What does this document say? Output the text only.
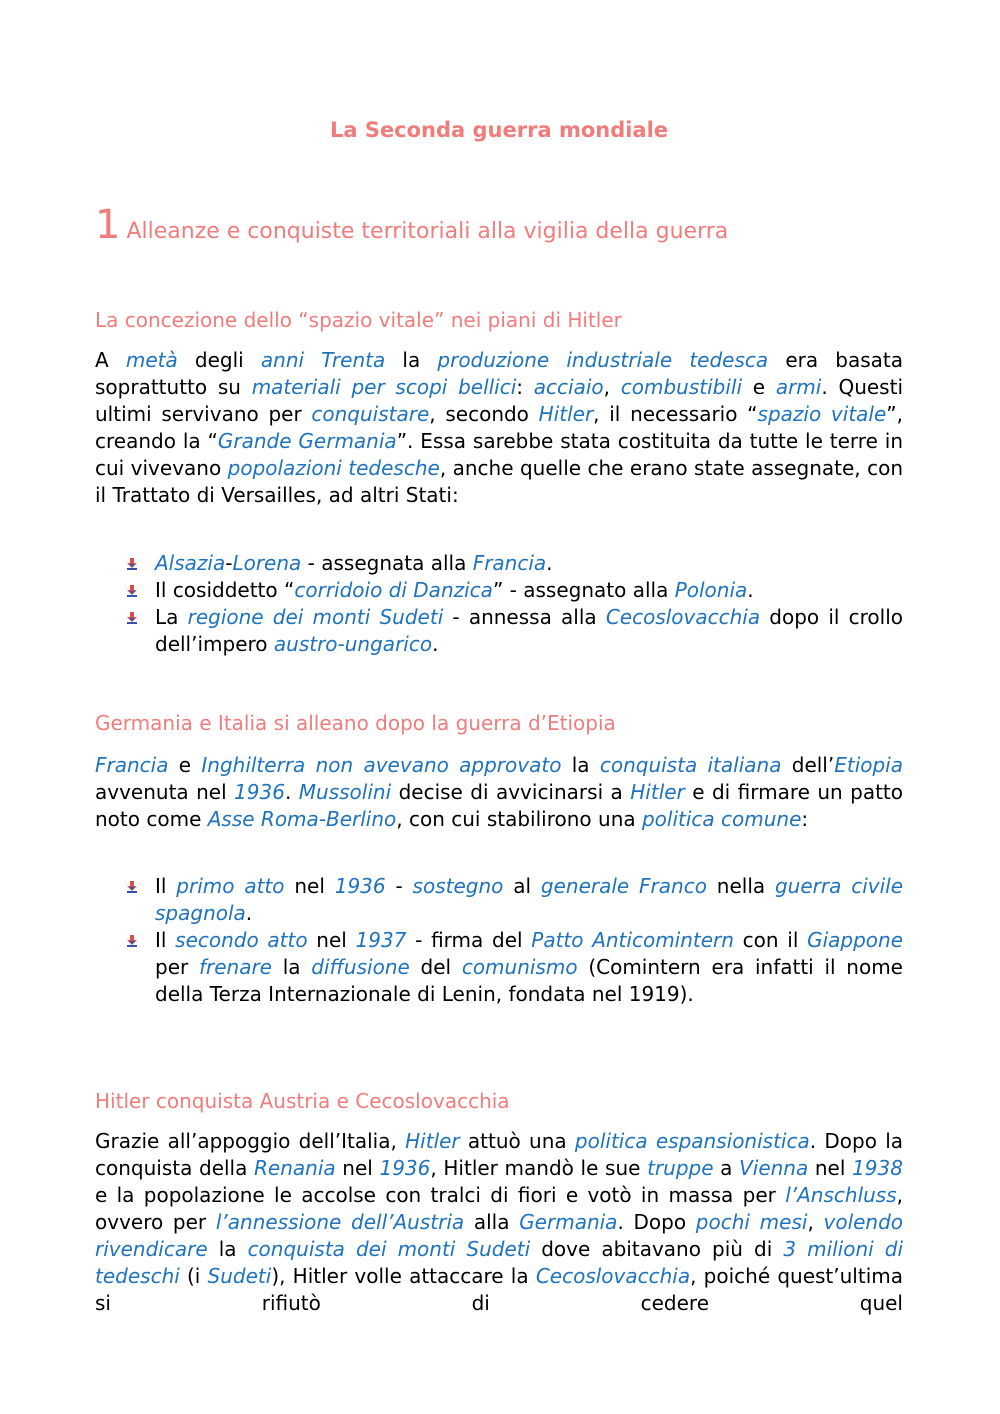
La Seconda guerra mondiale
1 Alleanze e conquiste territoriali alla vigilia della guerra
La concezione dello “spazio vitale” nei piani di Hitler

A metà degli anni Trenta la produzione industriale tedesca era basata soprattutto su materiali per scopi bellici: acciaio, combustibili e armi. Questi ultimi servivano per conquistare, secondo Hitler, il necessario “spazio vitale”, creando la “Grande Germania”. Essa sarebbe stata costituita da tutte le terre in cui vivevano popolazioni tedesche, anche quelle che erano state assegnate, con il Trattato di Versailles, ad altri Stati:

Alsazia-Lorena - assegnata alla Francia.
Il cosiddetto “corridoio di Danzica” - assegnato alla Polonia.
La regione dei monti Sudeti - annessa alla Cecoslovacchia dopo il crollo dell’impero austro-ungarico.
Germania e Italia si alleano dopo la guerra d’Etiopia

Francia e Inghilterra non avevano approvato la conquista italiana dell’Etiopia avvenuta nel 1936. Mussolini decise di avvicinarsi a Hitler e di firmare un patto noto come Asse Roma-Berlino, con cui stabilirono una politica comune:

Il primo atto nel 1936 - sostegno al generale Franco nella guerra civile spagnola.
Il secondo atto nel 1937 - firma del Patto Anticomintern con il Giappone per frenare la diffusione del comunismo (Comintern era infatti il nome della Terza Internazionale di Lenin, fondata nel 1919).
Hitler conquista Austria e Cecoslovacchia

Grazie all’appoggio dell’Italia, Hitler attuò una politica espansionistica. Dopo la conquista della Renania nel 1936, Hitler mandò le sue truppe a Vienna nel 1938 e la popolazione le accolse con tralci di fiori e votò in massa per l’Anschluss, ovvero per l’annessione dell’Austria alla Germania. Dopo pochi mesi, volendo rivendicare la conquista dei monti Sudeti dove abitavano più di 3 milioni di tedeschi (i Sudeti), Hitler volle attaccare la Cecoslovacchia, poiché quest’ultima si rifiutò di cedere quel
